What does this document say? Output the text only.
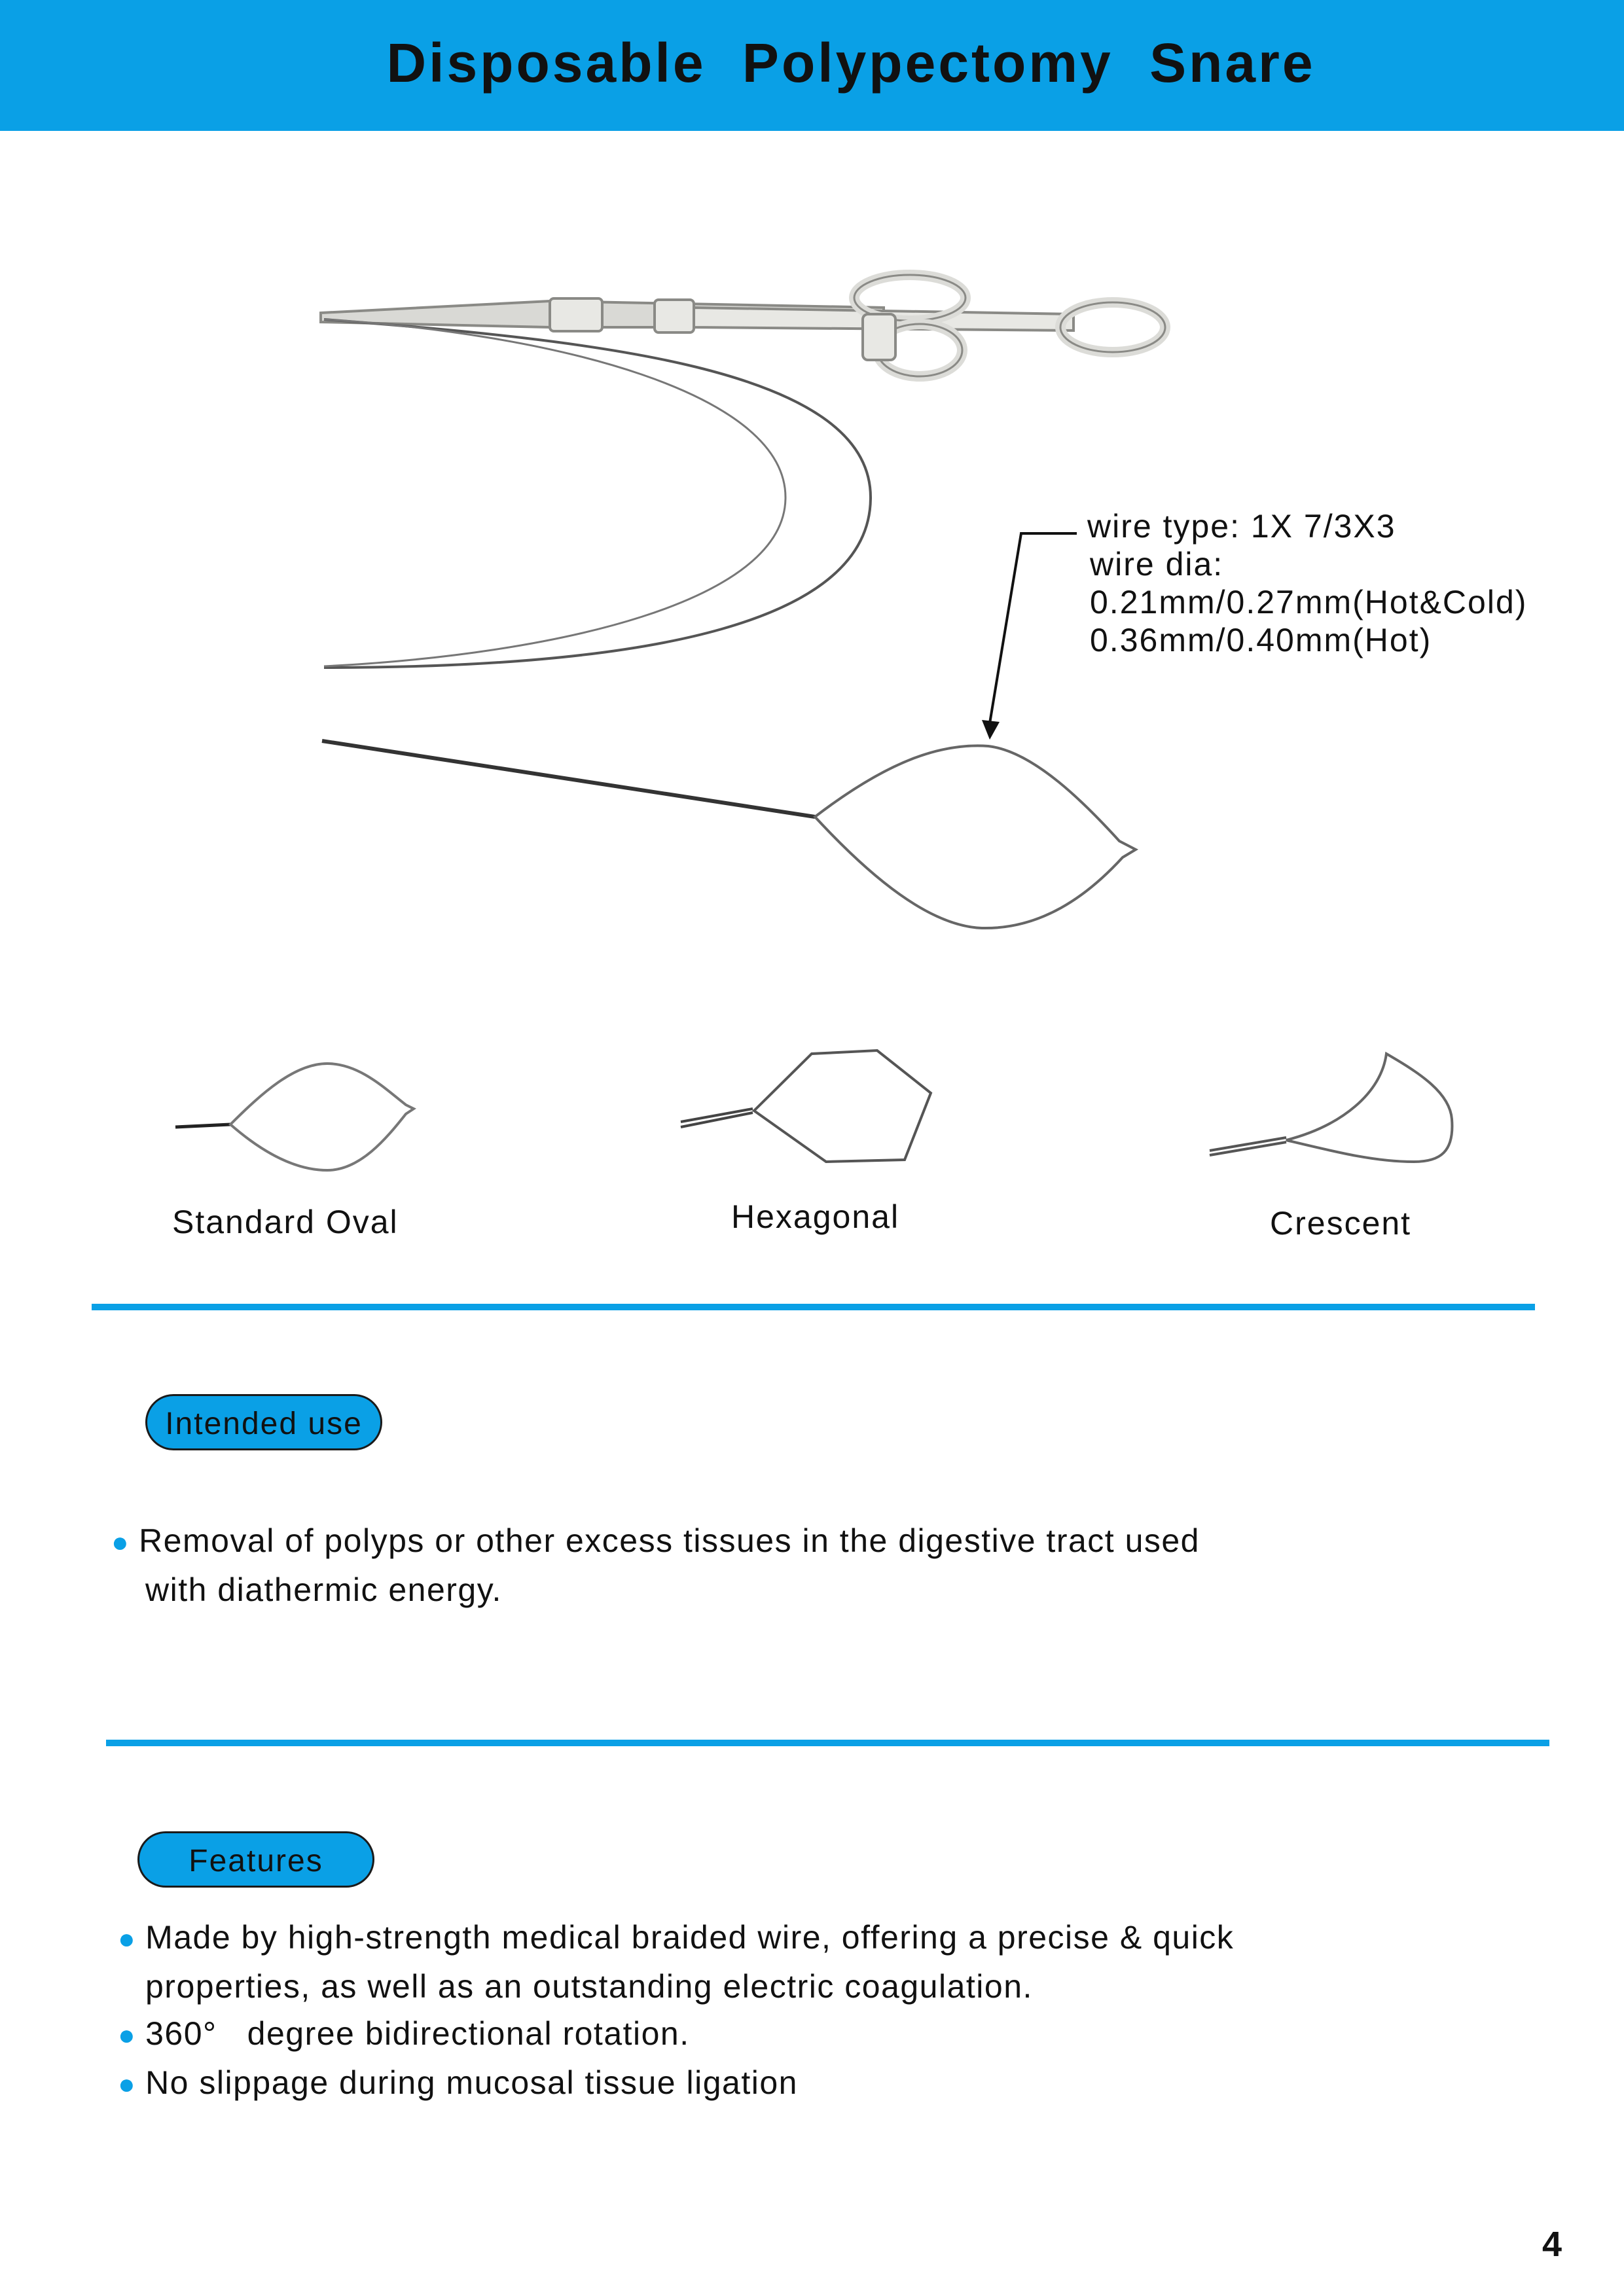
Disposable Polypectomy Snare
wire type: 1X 7/3X3
wire dia:
0.21mm/0.27mm(Hot&Cold)
0.36mm/0.40mm(Hot)
Standard Oval	Hexagonal	Crescent
Intended use
● Removal of polyps or other excess tissues in the digestive tract used
with diathermic energy.
Features
● Made by high-strength medical braided wire, offering a precise & quick
properties, as well as an outstanding electric coagulation.
● 360°   degree bidirectional rotation.
● No slippage during mucosal tissue ligation
4
